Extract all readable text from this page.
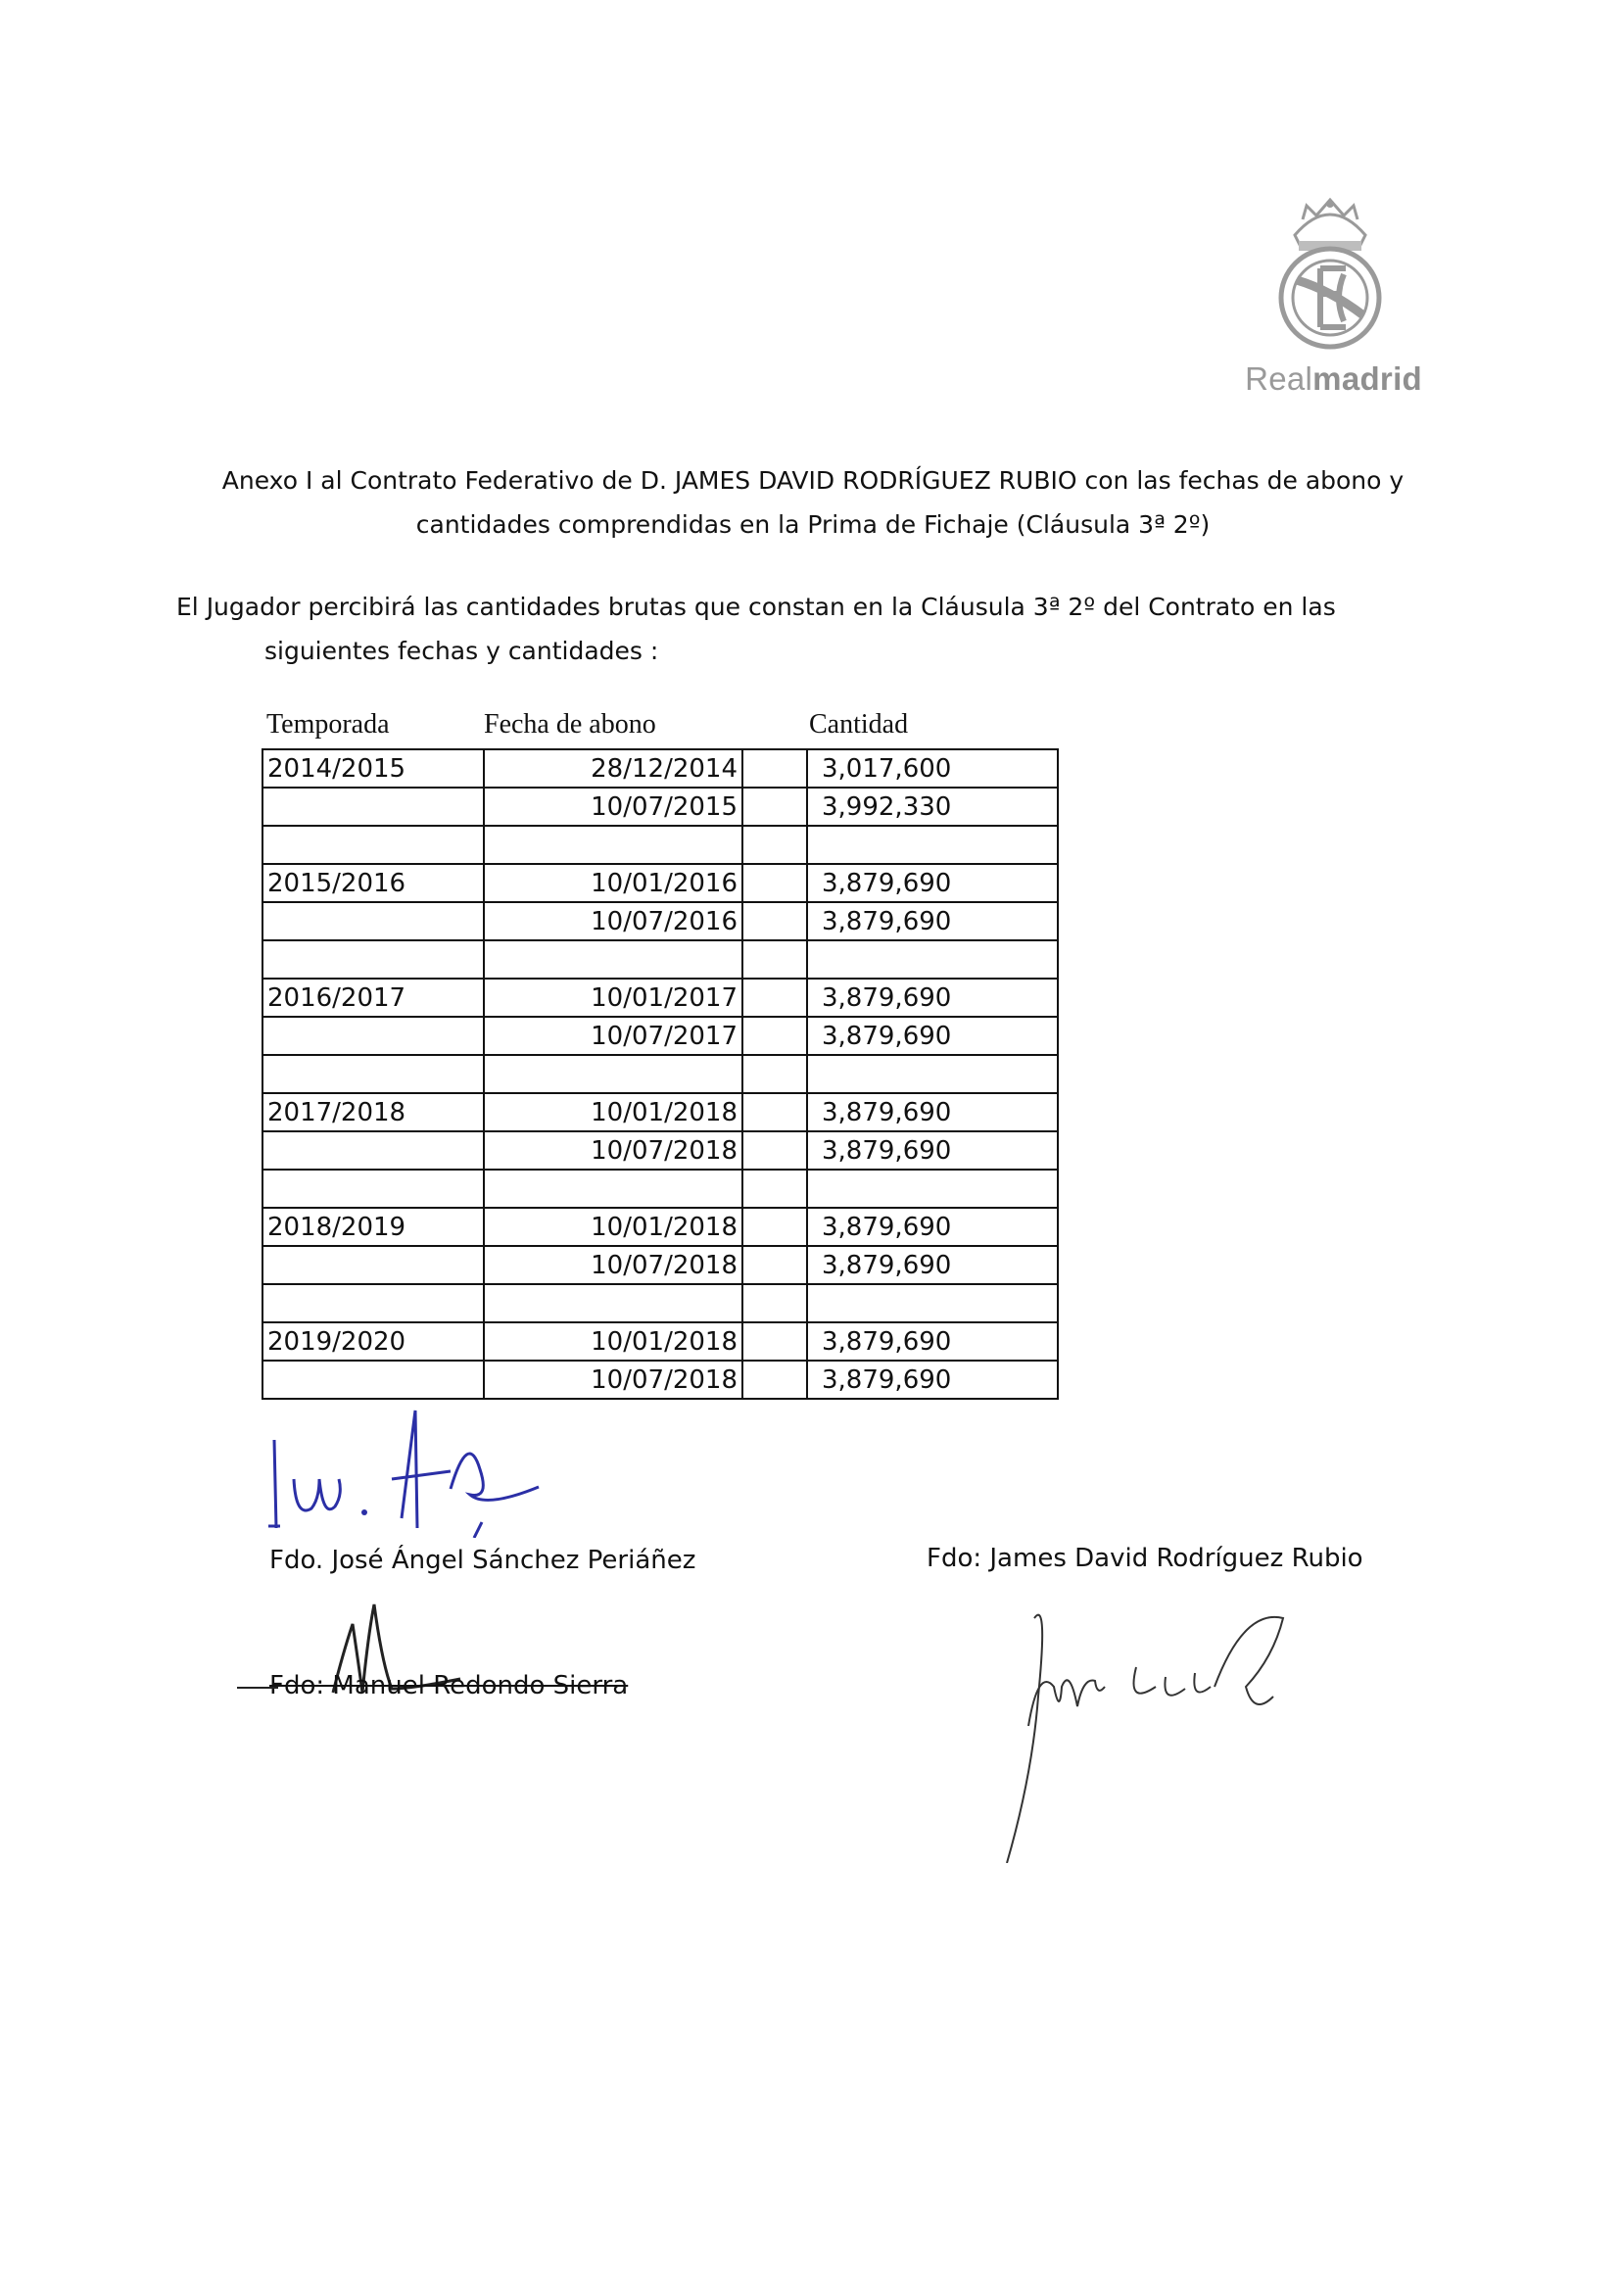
Realmadrid
Anexo I al Contrato Federativo de D. JAMES DAVID RODRÍGUEZ RUBIO con las fechas de abono y
cantidades comprendidas en la Prima de Fichaje (Cláusula 3ª 2º)
El Jugador percibirá las cantidades brutas que constan en la Cláusula 3ª 2º del Contrato en las
siguientes fechas y cantidades :
Temporada	Fecha de abono	Cantidad
2014/2015	28/12/2014		3,017,600
	10/07/2015		3,992,330

2015/2016	10/01/2016		3,879,690
	10/07/2016		3,879,690

2016/2017	10/01/2017		3,879,690
	10/07/2017		3,879,690

2017/2018	10/01/2018		3,879,690
	10/07/2018		3,879,690

2018/2019	10/01/2018		3,879,690
	10/07/2018		3,879,690

2019/2020	10/01/2018		3,879,690
	10/07/2018		3,879,690
Fdo. José Ángel Sánchez Periáñez
Fdo: Manuel Redondo Sierra
Fdo: James David Rodríguez Rubio
